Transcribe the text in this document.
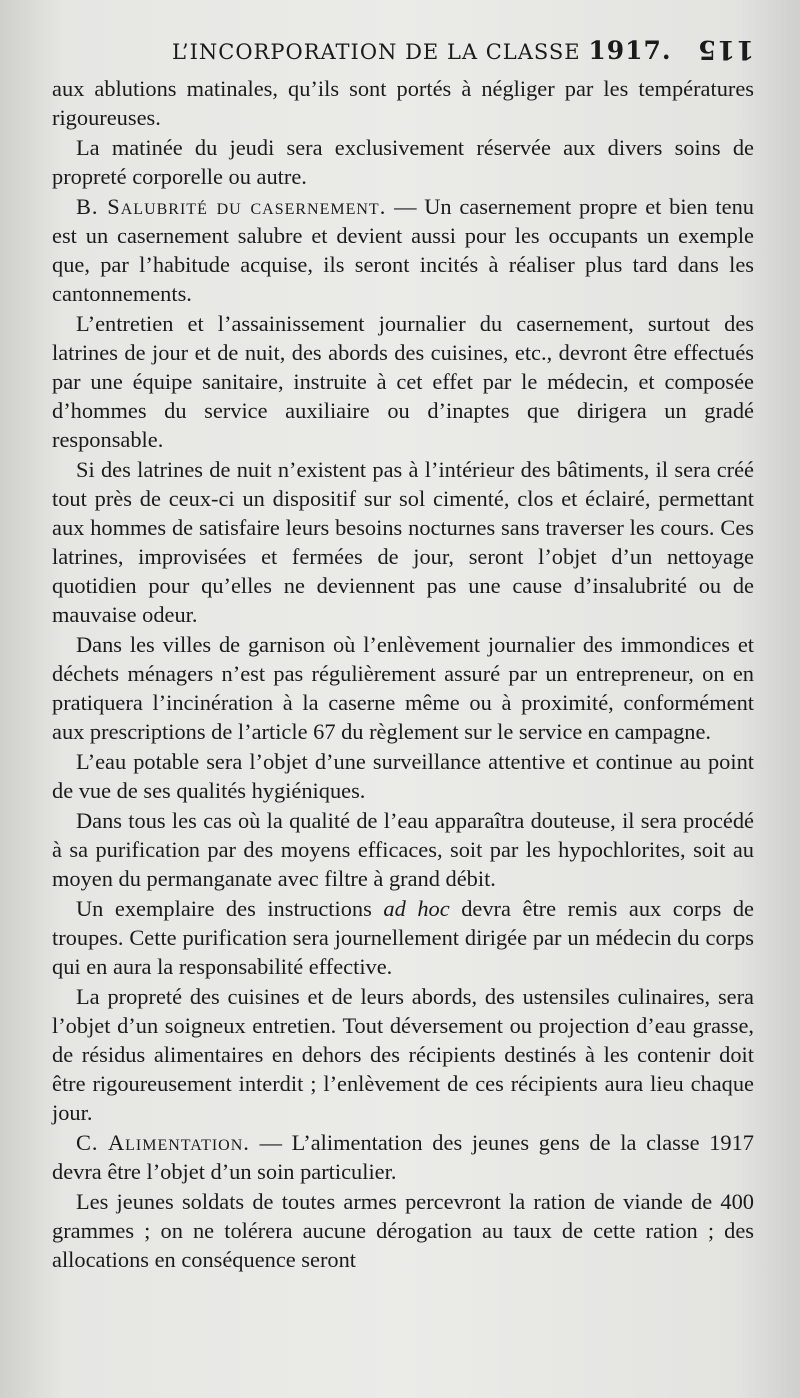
L’INCORPORATION DE LA CLASSE 1917. 115

aux ablutions matinales, qu’ils sont portés à négliger par les températures rigoureuses.

La matinée du jeudi sera exclusivement réservée aux divers soins de propreté corporelle ou autre.

B. Salubrité du casernement. — Un casernement propre et bien tenu est un casernement salubre et devient aussi pour les occupants un exemple que, par l’habitude acquise, ils seront incités à réaliser plus tard dans les cantonnements.

L’entretien et l’assainissement journalier du casernement, surtout des latrines de jour et de nuit, des abords des cuisines, etc., devront être effectués par une équipe sanitaire, instruite à cet effet par le médecin, et composée d’hommes du service auxiliaire ou d’inaptes que dirigera un gradé responsable.

Si des latrines de nuit n’existent pas à l’intérieur des bâtiments, il sera créé tout près de ceux-ci un dispositif sur sol cimenté, clos et éclairé, permettant aux hommes de satisfaire leurs besoins nocturnes sans traverser les cours. Ces latrines, improvisées et fermées de jour, seront l’objet d’un nettoyage quotidien pour qu’elles ne deviennent pas une cause d’insalubrité ou de mauvaise odeur.

Dans les villes de garnison où l’enlèvement journalier des immondices et déchets ménagers n’est pas régulièrement assuré par un entrepreneur, on en pratiquera l’incinération à la caserne même ou à proximité, conformément aux prescriptions de l’article 67 du règlement sur le service en campagne.

L’eau potable sera l’objet d’une surveillance attentive et continue au point de vue de ses qualités hygiéniques.

Dans tous les cas où la qualité de l’eau apparaîtra douteuse, il sera procédé à sa purification par des moyens efficaces, soit par les hypochlorites, soit au moyen du permanganate avec filtre à grand débit.

Un exemplaire des instructions ad hoc devra être remis aux corps de troupes. Cette purification sera journellement dirigée par un médecin du corps qui en aura la responsabilité effective.

La propreté des cuisines et de leurs abords, des ustensiles culinaires, sera l’objet d’un soigneux entretien. Tout déversement ou projection d’eau grasse, de résidus alimentaires en dehors des récipients destinés à les contenir doit être rigoureusement interdit ; l’enlèvement de ces récipients aura lieu chaque jour.

C. Alimentation. — L’alimentation des jeunes gens de la classe 1917 devra être l’objet d’un soin particulier.

Les jeunes soldats de toutes armes percevront la ration de viande de 400 grammes ; on ne tolérera aucune dérogation au taux de cette ration ; des allocations en conséquence seront
